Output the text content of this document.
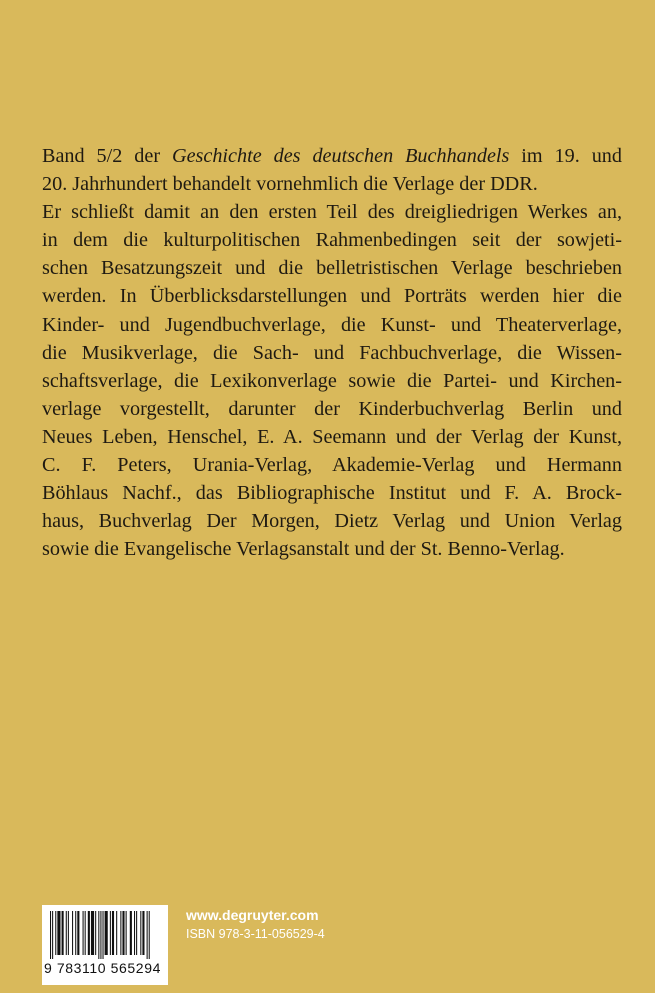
Band 5/2 der Geschichte des deutschen Buchhandels im 19. und
20. Jahrhundert behandelt vornehmlich die Verlage der DDR.
Er schließt damit an den ersten Teil des dreigliedrigen Werkes an,
in dem die kulturpolitischen Rahmenbedingen seit der sowjeti-
schen Besatzungszeit und die belletristischen Verlage beschrieben
werden. In Überblicksdarstellungen und Porträts werden hier die
Kinder- und Jugendbuchverlage, die Kunst- und Theaterverlage,
die Musikverlage, die Sach- und Fachbuchverlage, die Wissen-
schaftsverlage, die Lexikonverlage sowie die Partei- und Kirchen-
verlage vorgestellt, darunter der Kinderbuchverlag Berlin und
Neues Leben, Henschel, E. A. Seemann und der Verlag der Kunst,
C. F. Peters, Urania-Verlag, Akademie-Verlag und Hermann
Böhlaus Nachf., das Bibliographische Institut und F. A. Brock-
haus, Buchverlag Der Morgen, Dietz Verlag und Union Verlag
sowie die Evangelische Verlagsanstalt und der St. Benno-Verlag.

9 783110 565294
www.degruyter.com
ISBN 978-3-11-056529-4
